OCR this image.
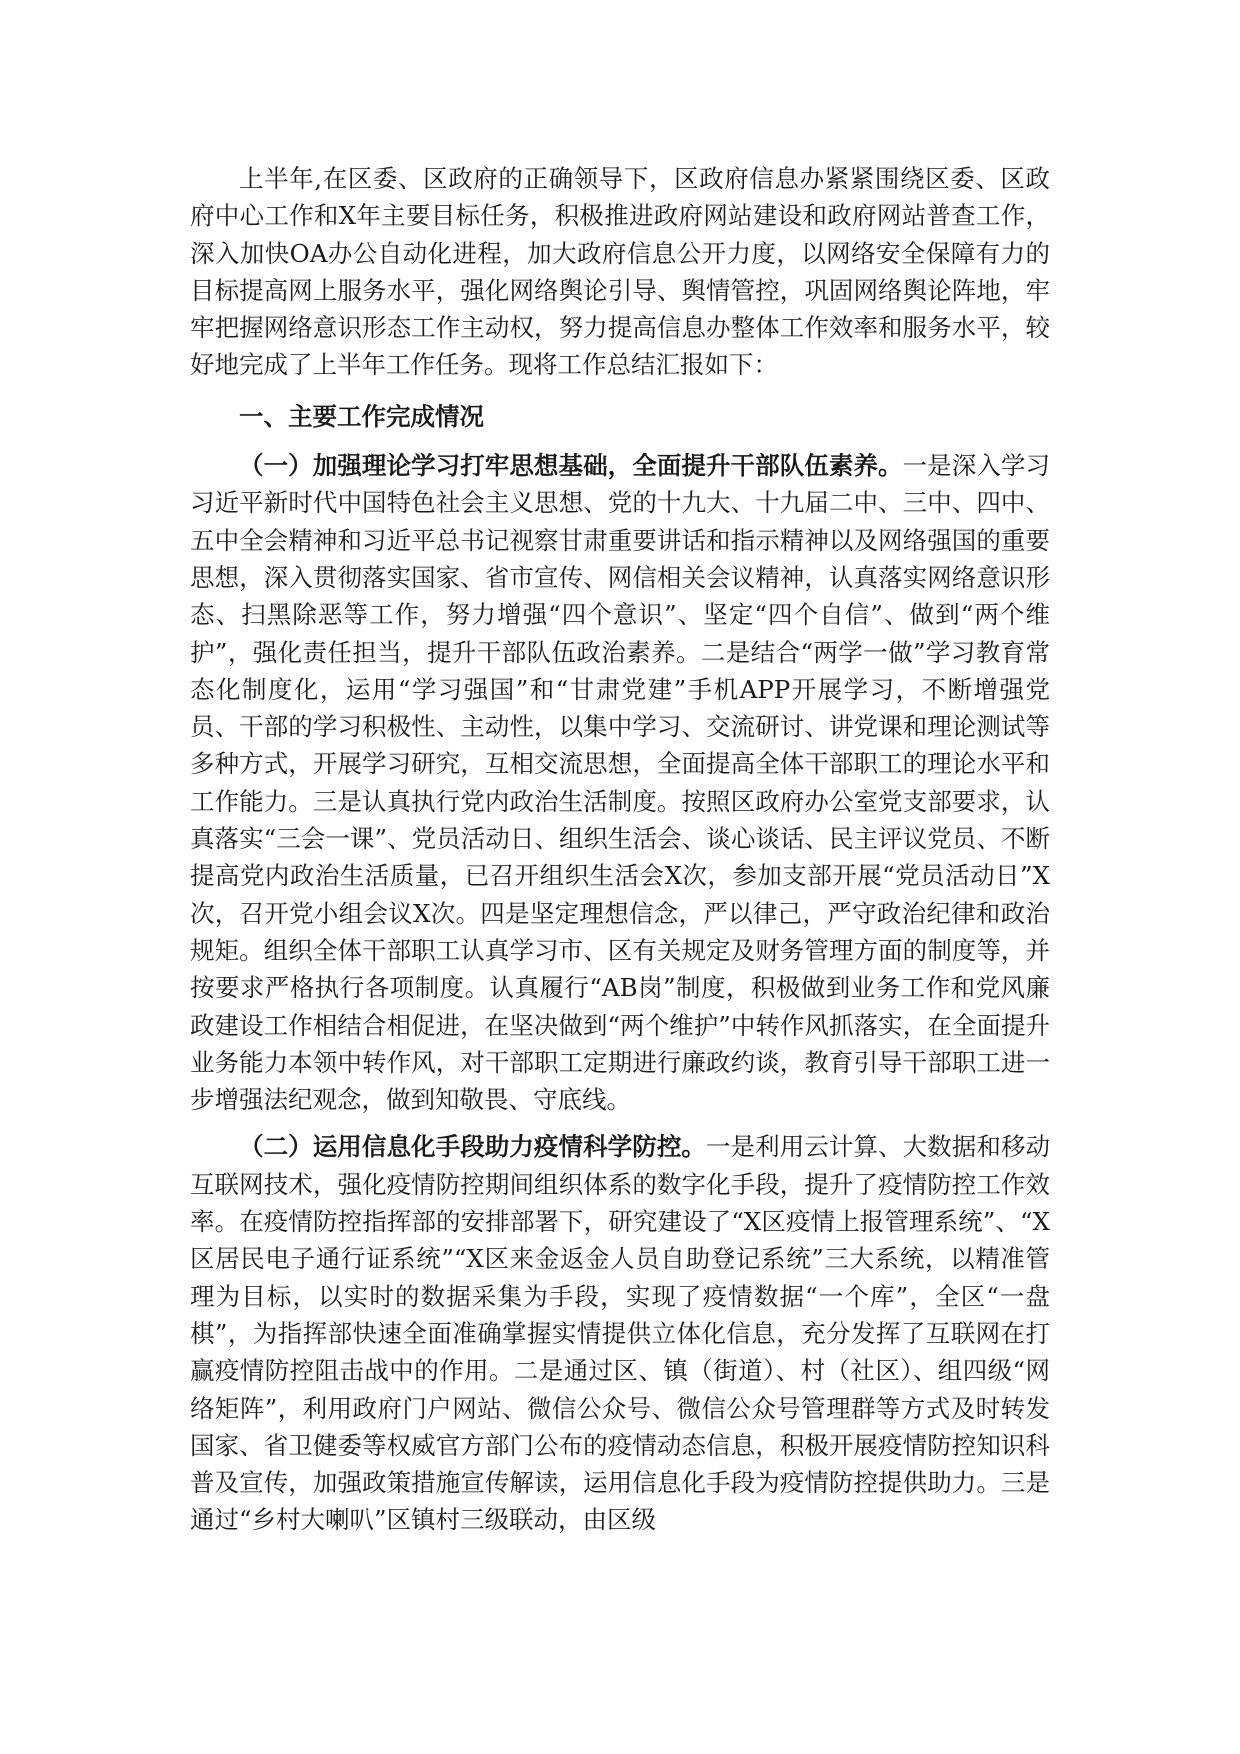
上半年,在区委、区政府的正确领导下，区政府信息办紧紧围绕区委、区政府中心工作和X年主要目标任务，积极推进政府网站建设和政府网站普查工作，深入加快OA办公自动化进程，加大政府信息公开力度，以网络安全保障有力的目标提高网上服务水平，强化网络舆论引导、舆情管控，巩固网络舆论阵地，牢牢把握网络意识形态工作主动权，努力提高信息办整体工作效率和服务水平，较好地完成了上半年工作任务。现将工作总结汇报如下：

一、主要工作完成情况

（一）加强理论学习打牢思想基础，全面提升干部队伍素养。一是深入学习习近平新时代中国特色社会主义思想、党的十九大、十九届二中、三中、四中、五中全会精神和习近平总书记视察甘肃重要讲话和指示精神以及网络强国的重要思想，深入贯彻落实国家、省市宣传、网信相关会议精神，认真落实网络意识形态、扫黑除恶等工作，努力增强“四个意识”、坚定“四个自信”、做到“两个维护”，强化责任担当，提升干部队伍政治素养。二是结合“两学一做”学习教育常态化制度化，运用“学习强国”和“甘肃党建”手机APP开展学习，不断增强党员、干部的学习积极性、主动性，以集中学习、交流研讨、讲党课和理论测试等多种方式，开展学习研究，互相交流思想，全面提高全体干部职工的理论水平和工作能力。三是认真执行党内政治生活制度。按照区政府办公室党支部要求，认真落实“三会一课”、党员活动日、组织生活会、谈心谈话、民主评议党员、不断提高党内政治生活质量，已召开组织生活会X次，参加支部开展“党员活动日”X次，召开党小组会议X次。四是坚定理想信念，严以律己，严守政治纪律和政治规矩。组织全体干部职工认真学习市、区有关规定及财务管理方面的制度等，并按要求严格执行各项制度。认真履行“AB岗”制度，积极做到业务工作和党风廉政建设工作相结合相促进，在坚决做到“两个维护”中转作风抓落实，在全面提升业务能力本领中转作风，对干部职工定期进行廉政约谈，教育引导干部职工进一步增强法纪观念，做到知敬畏、守底线。

（二）运用信息化手段助力疫情科学防控。一是利用云计算、大数据和移动互联网技术，强化疫情防控期间组织体系的数字化手段，提升了疫情防控工作效率。在疫情防控指挥部的安排部署下，研究建设了“X区疫情上报管理系统”、“X区居民电子通行证系统”“X区来金返金人员自助登记系统”三大系统，以精准管理为目标，以实时的数据采集为手段，实现了疫情数据“一个库”，全区“一盘棋”，为指挥部快速全面准确掌握实情提供立体化信息，充分发挥了互联网在打赢疫情防控阻击战中的作用。二是通过区、镇（街道）、村（社区）、组四级“网络矩阵”，利用政府门户网站、微信公众号、微信公众号管理群等方式及时转发国家、省卫健委等权威官方部门公布的疫情动态信息，积极开展疫情防控知识科普及宣传，加强政策措施宣传解读，运用信息化手段为疫情防控提供助力。三是通过“乡村大喇叭”区镇村三级联动，由区级
